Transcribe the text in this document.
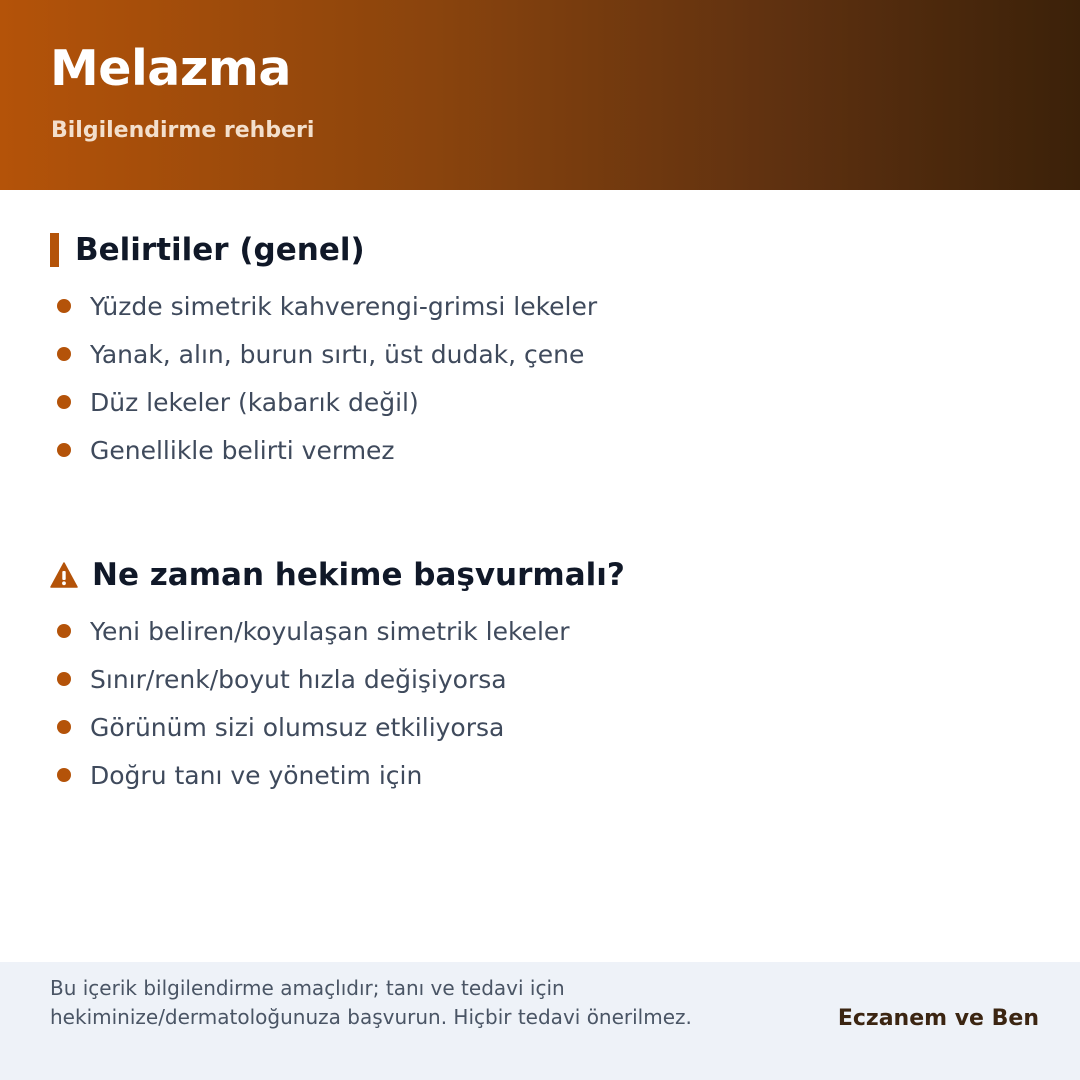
Melazma
Bilgilendirme rehberi
Belirtiler (genel)
Yüzde simetrik kahverengi-grimsi lekeler
Yanak, alın, burun sırtı, üst dudak, çene
Düz lekeler (kabarık değil)
Genellikle belirti vermez
Ne zaman hekime başvurmalı?
Yeni beliren/koyulaşan simetrik lekeler
Sınır/renk/boyut hızla değişiyorsa
Görünüm sizi olumsuz etkiliyorsa
Doğru tanı ve yönetim için
Bu içerik bilgilendirme amaçlıdır; tanı ve tedavi için hekiminize/dermatoloğunuza başvurun. Hiçbir tedavi önerilmez.	Eczanem ve Ben
